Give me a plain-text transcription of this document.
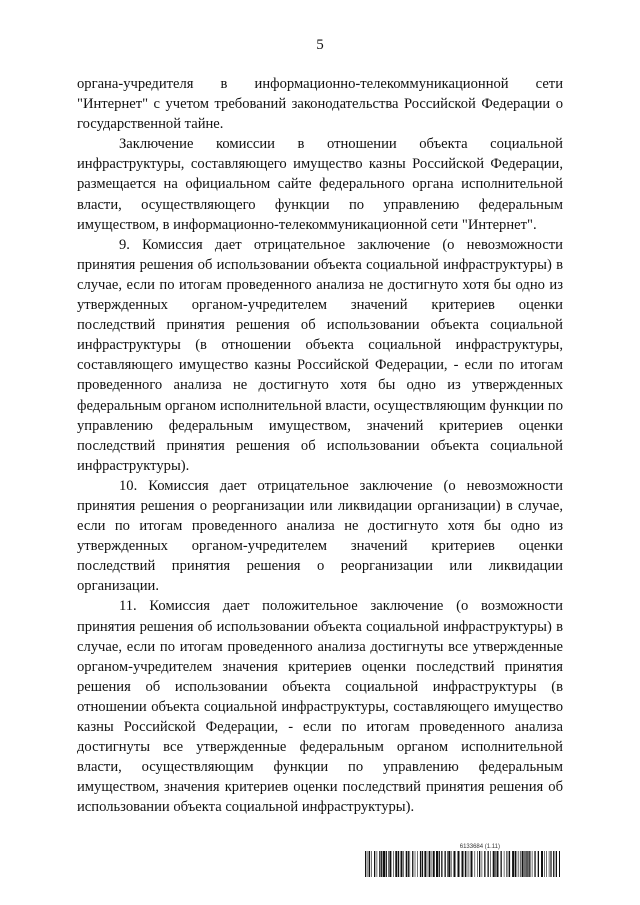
5

органа-учредителя в информационно-телекоммуникационной сети "Интернет" с учетом требований законодательства Российской Федерации о государственной тайне.

Заключение комиссии в отношении объекта социальной инфраструктуры, составляющего имущество казны Российской Федерации, размещается на официальном сайте федерального органа исполнительной власти, осуществляющего функции по управлению федеральным имуществом, в информационно-телекоммуникационной сети "Интернет".

9. Комиссия дает отрицательное заключение (о невозможности принятия решения об использовании объекта социальной инфраструктуры) в случае, если по итогам проведенного анализа не достигнуто хотя бы одно из утвержденных органом-учредителем значений критериев оценки последствий принятия решения об использовании объекта социальной инфраструктуры (в отношении объекта социальной инфраструктуры, составляющего имущество казны Российской Федерации, - если по итогам проведенного анализа не достигнуто хотя бы одно из утвержденных федеральным органом исполнительной власти, осуществляющим функции по управлению федеральным имуществом, значений критериев оценки последствий принятия решения об использовании объекта социальной инфраструктуры).

10. Комиссия дает отрицательное заключение (о невозможности принятия решения о реорганизации или ликвидации организации) в случае, если по итогам проведенного анализа не достигнуто хотя бы одно из утвержденных органом-учредителем значений критериев оценки последствий принятия решения о реорганизации или ликвидации организации.

11. Комиссия дает положительное заключение (о возможности принятия решения об использовании объекта социальной инфраструктуры) в случае, если по итогам проведенного анализа достигнуты все утвержденные органом-учредителем значения критериев оценки последствий принятия решения об использовании объекта социальной инфраструктуры (в отношении объекта социальной инфраструктуры, составляющего имущество казны Российской Федерации, - если по итогам проведенного анализа достигнуты все утвержденные федеральным органом исполнительной власти, осуществляющим функции по управлению федеральным имуществом, значения критериев оценки последствий принятия решения об использовании объекта социальной инфраструктуры).

6133684 (1.11)
